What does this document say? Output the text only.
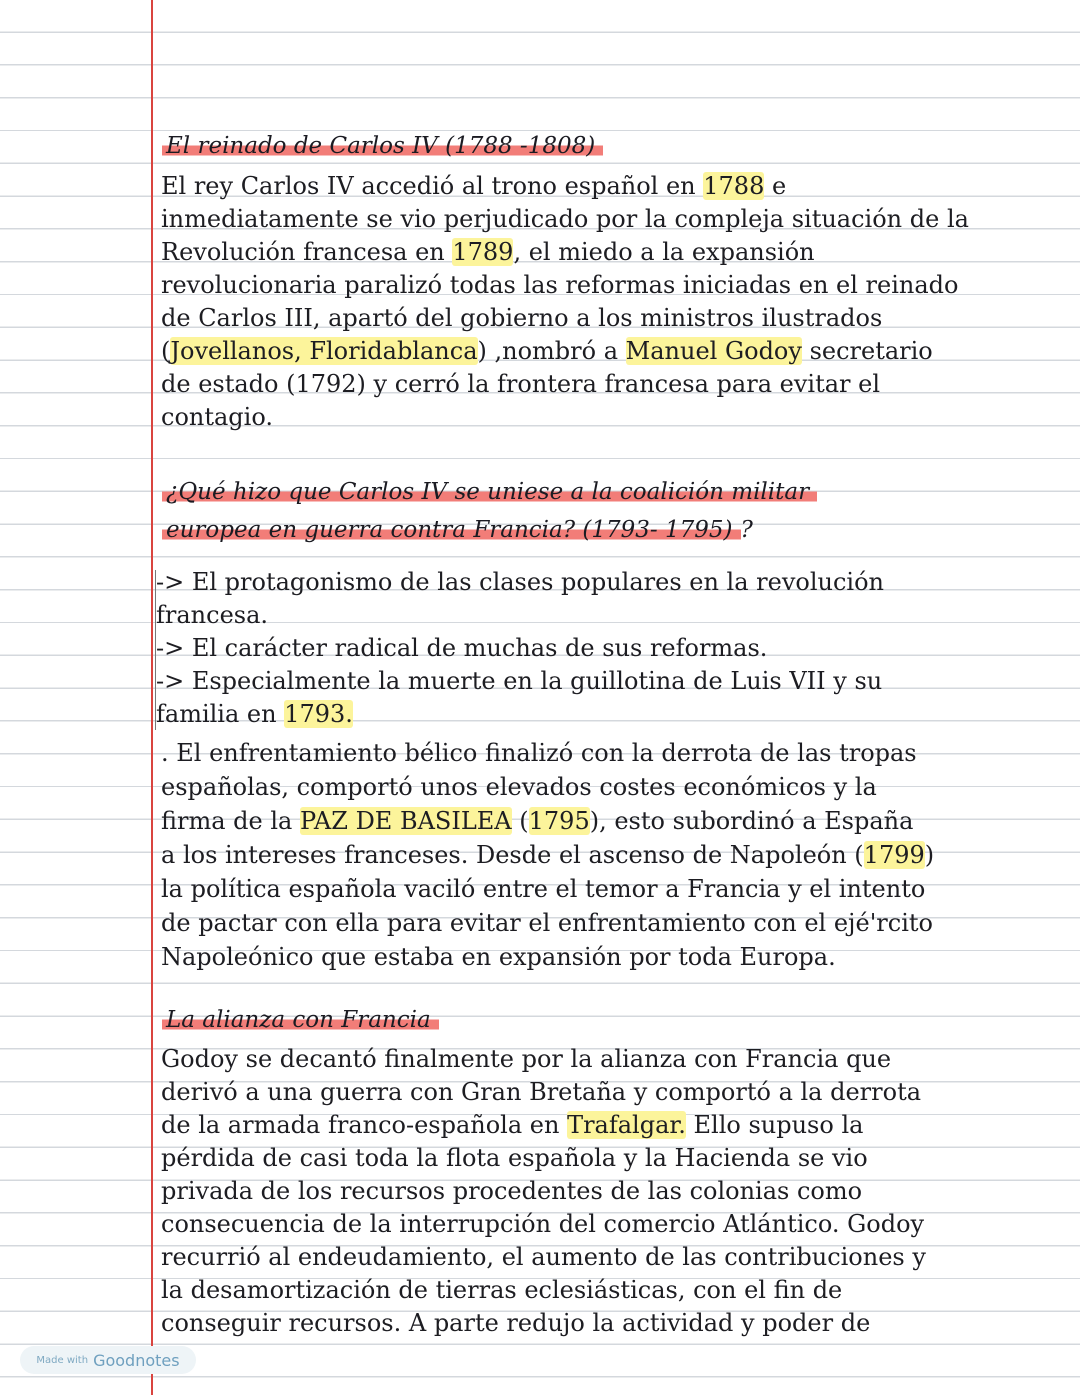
El reinado de Carlos IV (1788 -1808)
El rey Carlos IV accedió al trono español en 1788 e
inmediatamente se vio perjudicado por la compleja situación de la
Revolución francesa en 1789, el miedo a la expansión
revolucionaria paralizó todas las reformas iniciadas en el reinado
de Carlos III, apartó del gobierno a los ministros ilustrados
(Jovellanos, Floridablanca) ,nombró a Manuel Godoy secretario
de estado (1792) y cerró la frontera francesa para evitar el
contagio.
¿Qué hizo que Carlos IV se uniese a la coalición militar
europea en guerra contra Francia? (1793- 1795) ?
-> El protagonismo de las clases populares en la revolución
francesa.
-> El carácter radical de muchas de sus reformas.
-> Especialmente la muerte en la guillotina de Luis VII y su
familia en 1793.
. El enfrentamiento bélico finalizó con la derrota de las tropas
españolas, comportó unos elevados costes económicos y la
firma de la PAZ DE BASILEA (1795), esto subordinó a España
a los intereses franceses. Desde el ascenso de Napoleón (1799)
la política española vaciló entre el temor a Francia y el intento
de pactar con ella para evitar el enfrentamiento con el ejé'rcito
Napoleónico que estaba en expansión por toda Europa.
La alianza con Francia
Godoy se decantó finalmente por la alianza con Francia que
derivó a una guerra con Gran Bretaña y comportó a la derrota
de la armada franco-española en Trafalgar. Ello supuso la
pérdida de casi toda la flota española y la Hacienda se vio
privada de los recursos procedentes de las colonias como
consecuencia de la interrupción del comercio Atlántico. Godoy
recurrió al endeudamiento, el aumento de las contribuciones y
la desamortización de tierras eclesiásticas, con el fin de
conseguir recursos. A parte redujo la actividad y poder de
Made with Goodnotes
